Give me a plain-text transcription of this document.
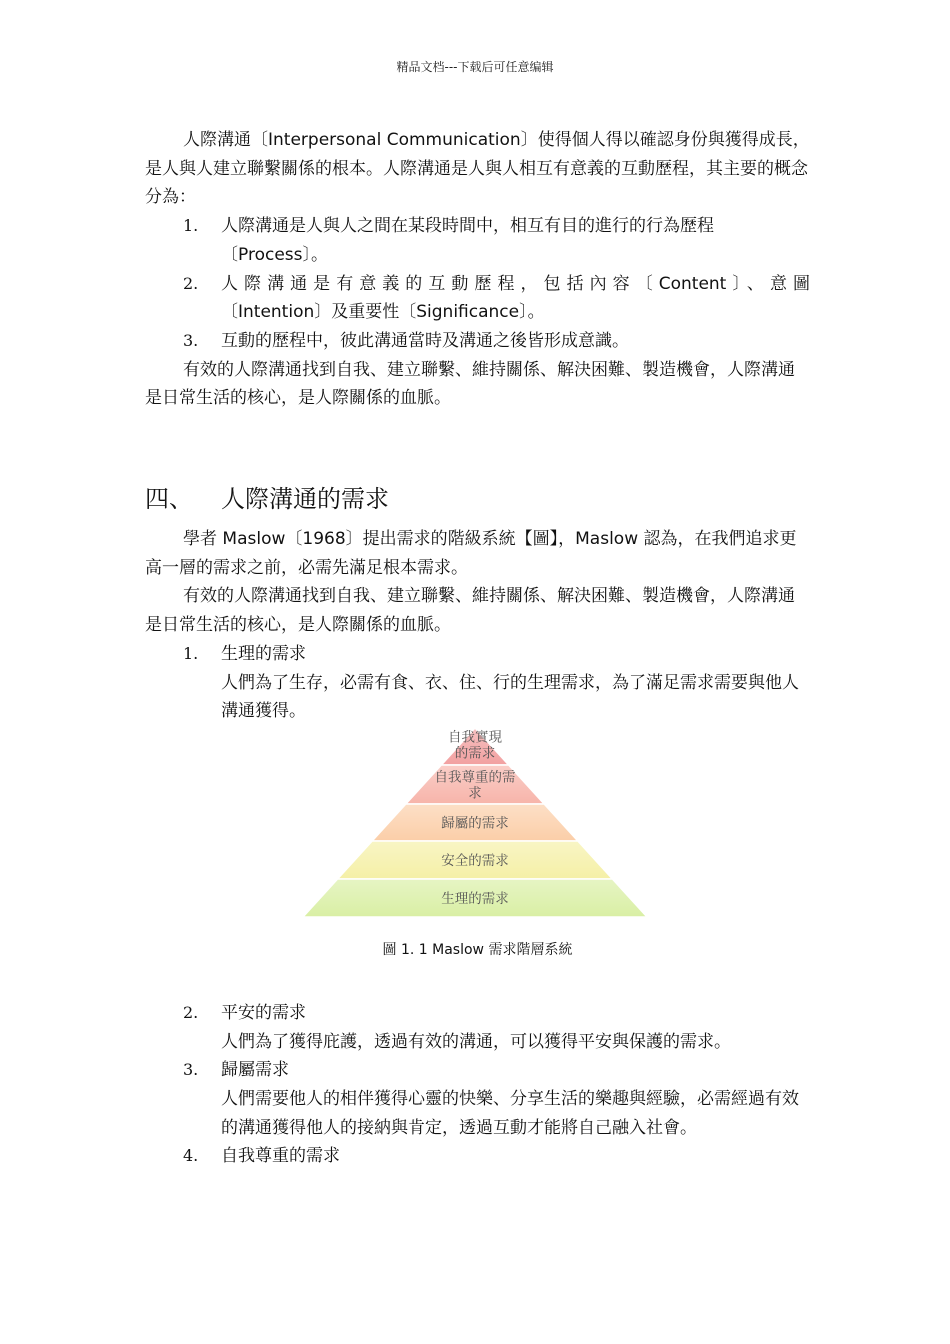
精品文档---下载后可任意编辑

人際溝通〔Interpersonal Communication〕使得個人得以確認身份與獲得成長，是人與人建立聯繫關係的根本。人際溝通是人與人相互有意義的互動歷程，其主要的概念分為：

1.	人際溝通是人與人之間在某段時間中，相互有目的進行的行為歷程
〔Process〕。
2.	人際溝通是有意義的互動歷程，包括內容〔Content〕、意圖
〔Intention〕及重要性〔Significance〕。
3.	互動的歷程中，彼此溝通當時及溝通之後皆形成意識。

有效的人際溝通找到自我、建立聯繫、維持關係、解決困難、製造機會，人際溝通是日常生活的核心，是人際關係的血脈。

四、	人際溝通的需求

學者 Maslow〔1968〕提出需求的階級系統【圖】，Maslow 認為，在我們追求更高一層的需求之前，必需先滿足根本需求。

有效的人際溝通找到自我、建立聯繫、維持關係、解決困難、製造機會，人際溝通是日常生活的核心，是人際關係的血脈。

1.	生理的需求

人們為了生存，必需有食、衣、住、行的生理需求，為了滿足需求需要與他人溝通獲得。

自我實現
的需求
自我尊重的需
求
歸屬的需求
安全的需求
生理的需求
圖 1. 1 Maslow 需求階層系統
2.	平安的需求

人們為了獲得庇護，透過有效的溝通，可以獲得平安與保護的需求。

3.	歸屬需求

人們需要他人的相伴獲得心靈的快樂、分享生活的樂趣與經驗，必需經過有效的溝通獲得他人的接納與肯定，透過互動才能將自己融入社會。

4.	自我尊重的需求
